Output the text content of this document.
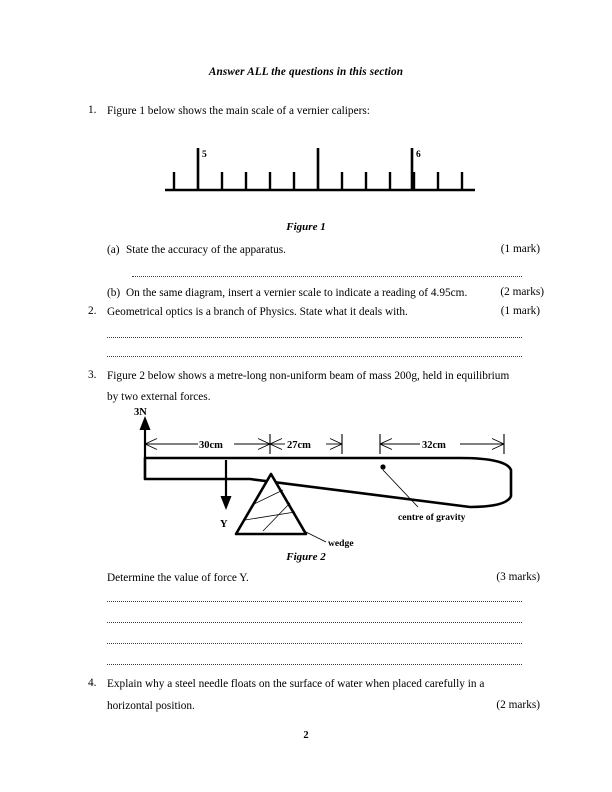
Answer ALL the questions in this section
1. Figure 1 below shows the main scale of a vernier calipers:
5	6
Figure 1
(a) State the accuracy of the apparatus.	(1 mark)
(b) On the same diagram, insert a vernier scale to indicate a reading of 4.95cm.	(2 marks)
2. Geometrical optics is a branch of Physics. State what it deals with.	(1 mark)
3. Figure 2 below shows a metre-long non-uniform beam of mass 200g, held in equilibrium
by two external forces.
3N
30cm	27cm	32cm
centre of gravity
Y
wedge
Figure 2
Determine the value of force Y.	(3 marks)
4. Explain why a steel needle floats on the surface of water when placed carefully in a
horizontal position.	(2 marks)
2
